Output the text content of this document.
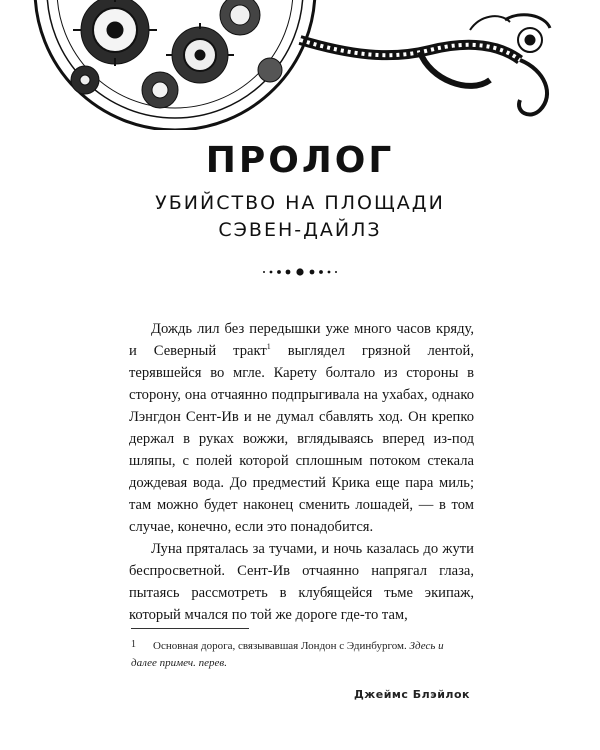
ПРОЛОГ
УБИЙСТВО НА ПЛОЩАДИ
СЭВЕН-ДАЙЛЗ

Дождь лил без передышки уже много часов кряду, и Северный тракт$^1$ выглядел грязной лентой, терявшейся во мгле. Карету болтало из стороны в сторону, она отчаянно подпрыгивала на ухабах, однако Лэнгдон Сент-Ив и не думал сбавлять ход. Он крепко держал в руках вожжи, вглядываясь вперед из-под шляпы, с полей которой сплошным потоком стекала дождевая вода. До предместий Крика еще пара миль; там можно будет наконец сменить лошадей, — в том случае, конечно, если это понадобится.

Луна пряталась за тучами, и ночь казалась до жути беспросветной. Сент-Ив отчаянно напрягал глаза, пытаясь рассмотреть в клубящейся тьме экипаж, который мчался по той же дороге где-то там,

1 Основная дорога, связывавшая Лондон с Эдинбургом. Здесь и далее примеч. перев.
Джеймс Блэйлок
